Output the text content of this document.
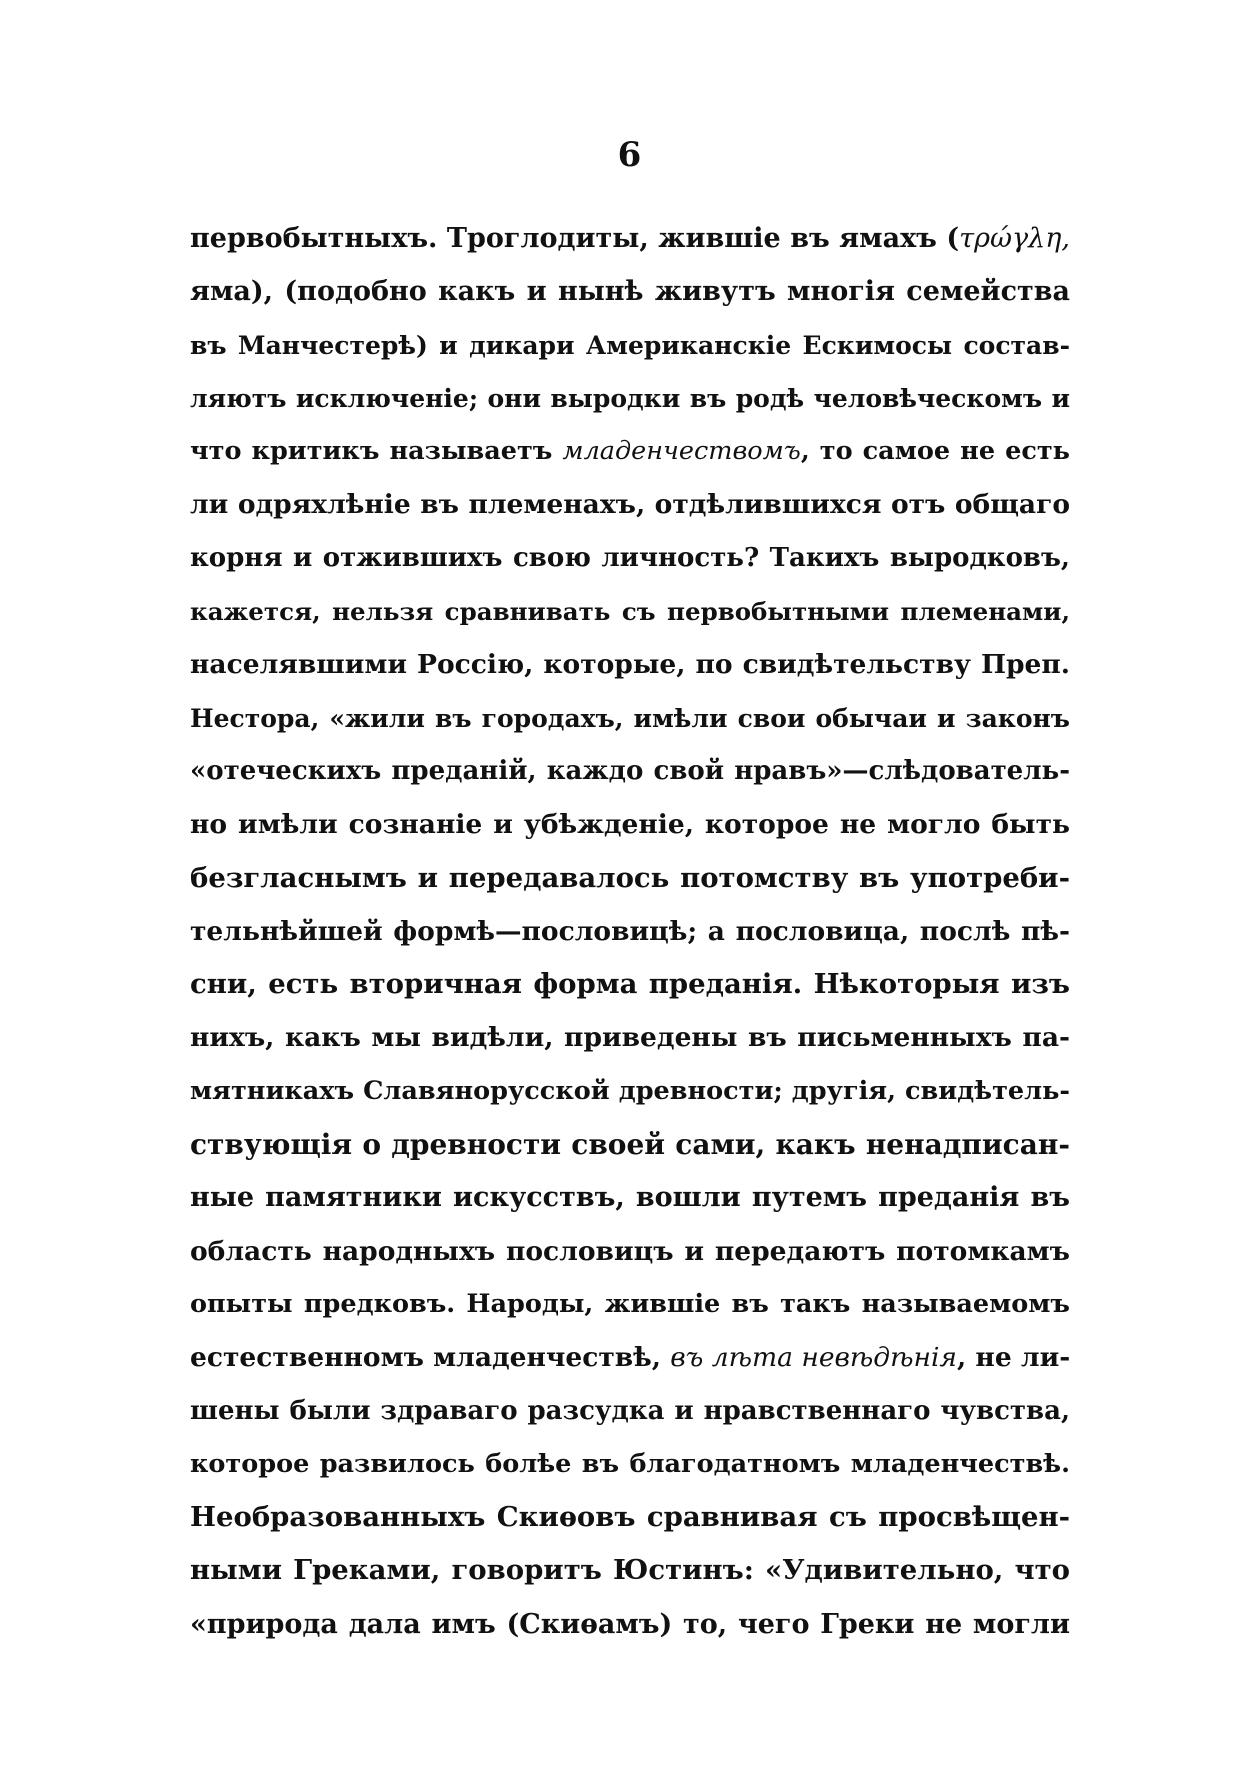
6
первобытныхъ. Троглодиты, жившіе въ ямахъ (τρώγλη,
яма), (подобно какъ и нынѣ живутъ многія семейства
въ Манчестерѣ) и дикари Американскіе Ескимосы состав-
ляютъ исключеніе; они выродки въ родѣ человѣческомъ и
что критикъ называетъ младенчествомъ, то самое не есть
ли одряхлѣніе въ племенахъ, отдѣлившихся отъ общаго
корня и отжившихъ свою личность? Такихъ выродковъ,
кажется, нельзя сравнивать съ первобытными племенами,
населявшими Россію, которые, по свидѣтельству Преп.
Нестора, «жили въ городахъ, имѣли свои обычаи и законъ
«отеческихъ преданій, каждо свой нравъ»—слѣдователь-
но имѣли сознаніе и убѣжденіе, которое не могло быть
безгласнымъ и передавалось потомству въ употреби-
тельнѣйшей формѣ—пословицѣ; а пословица, послѣ пѣ-
сни, есть вторичная форма преданія. Нѣкоторыя изъ
нихъ, какъ мы видѣли, приведены въ письменныхъ па-
мятникахъ Славянорусской древности; другія, свидѣтель-
ствующія о древности своей сами, какъ ненадписан-
ные памятники искусствъ, вошли путемъ преданія въ
область народныхъ пословицъ и передаютъ потомкамъ
опыты предковъ. Народы, жившіе въ такъ называемомъ
естественномъ младенчествѣ, въ лѣта невѣдѣнія, не ли-
шены были здраваго разсудка и нравственнаго чувства,
которое развилось болѣе въ благодатномъ младенчествѣ.
Необразованныхъ Скиѳовъ сравнивая съ просвѣщен-
ными Греками, говоритъ Юстинъ: «Удивительно, что
«природа дала имъ (Скиѳамъ) то, чего Греки не могли
